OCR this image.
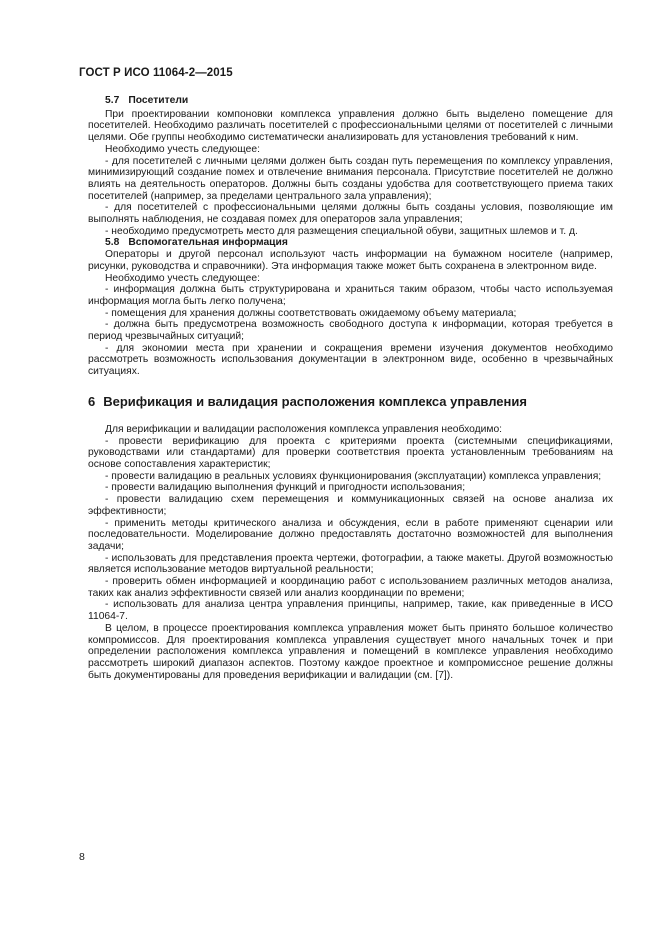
ГОСТ Р ИСО 11064-2—2015
5.7 Посетители

При проектировании компоновки комплекса управления должно быть выделено помещение для посетителей. Необходимо различать посетителей с профессиональными целями от посетителей с личными целями. Обе группы необходимо систематически анализировать для установления требований к ним.

Необходимо учесть следующее:

- для посетителей с личными целями должен быть создан путь перемещения по комплексу управления, минимизирующий создание помех и отвлечение внимания персонала. Присутствие посетителей не должно влиять на деятельность операторов. Должны быть созданы удобства для соответствующего приема таких посетителей (например, за пределами центрального зала управления);

- для посетителей с профессиональными целями должны быть созданы условия, позволяющие им выполнять наблюдения, не создавая помех для операторов зала управления;

- необходимо предусмотреть место для размещения специальной обуви, защитных шлемов и т. д.

5.8 Вспомогательная информация

Операторы и другой персонал используют часть информации на бумажном носителе (например, рисунки, руководства и справочники). Эта информация также может быть сохранена в электронном виде.

Необходимо учесть следующее:

- информация должна быть структурирована и храниться таким образом, чтобы часто используемая информация могла быть легко получена;

- помещения для хранения должны соответствовать ожидаемому объему материала;

- должна быть предусмотрена возможность свободного доступа к информации, которая требуется в период чрезвычайных ситуаций;

- для экономии места при хранении и сокращения времени изучения документов необходимо рассмотреть возможность использования документации в электронном виде, особенно в чрезвычайных ситуациях.

6 Верификация и валидация расположения комплекса управления

Для верификации и валидации расположения комплекса управления необходимо:

- провести верификацию для проекта с критериями проекта (системными спецификациями, руководствами или стандартами) для проверки соответствия проекта установленным требованиям на основе сопоставления характеристик;

- провести валидацию в реальных условиях функционирования (эксплуатации) комплекса управления;

- провести валидацию выполнения функций и пригодности использования;

- провести валидацию схем перемещения и коммуникационных связей на основе анализа их эффективности;

- применить методы критического анализа и обсуждения, если в работе применяют сценарии или последовательности. Моделирование должно предоставлять достаточно возможностей для выполнения задачи;

- использовать для представления проекта чертежи, фотографии, а также макеты. Другой возможностью является использование методов виртуальной реальности;

- проверить обмен информацией и координацию работ с использованием различных методов анализа, таких как анализ эффективности связей или анализ координации по времени;

- использовать для анализа центра управления принципы, например, такие, как приведенные в ИСО 11064-7.

В целом, в процессе проектирования комплекса управления может быть принято большое количество компромиссов. Для проектирования комплекса управления существует много начальных точек и при определении расположения комплекса управления и помещений в комплексе управления необходимо рассмотреть широкий диапазон аспектов. Поэтому каждое проектное и компромиссное решение должны быть документированы для проведения верификации и валидации (см. [7]).

8
